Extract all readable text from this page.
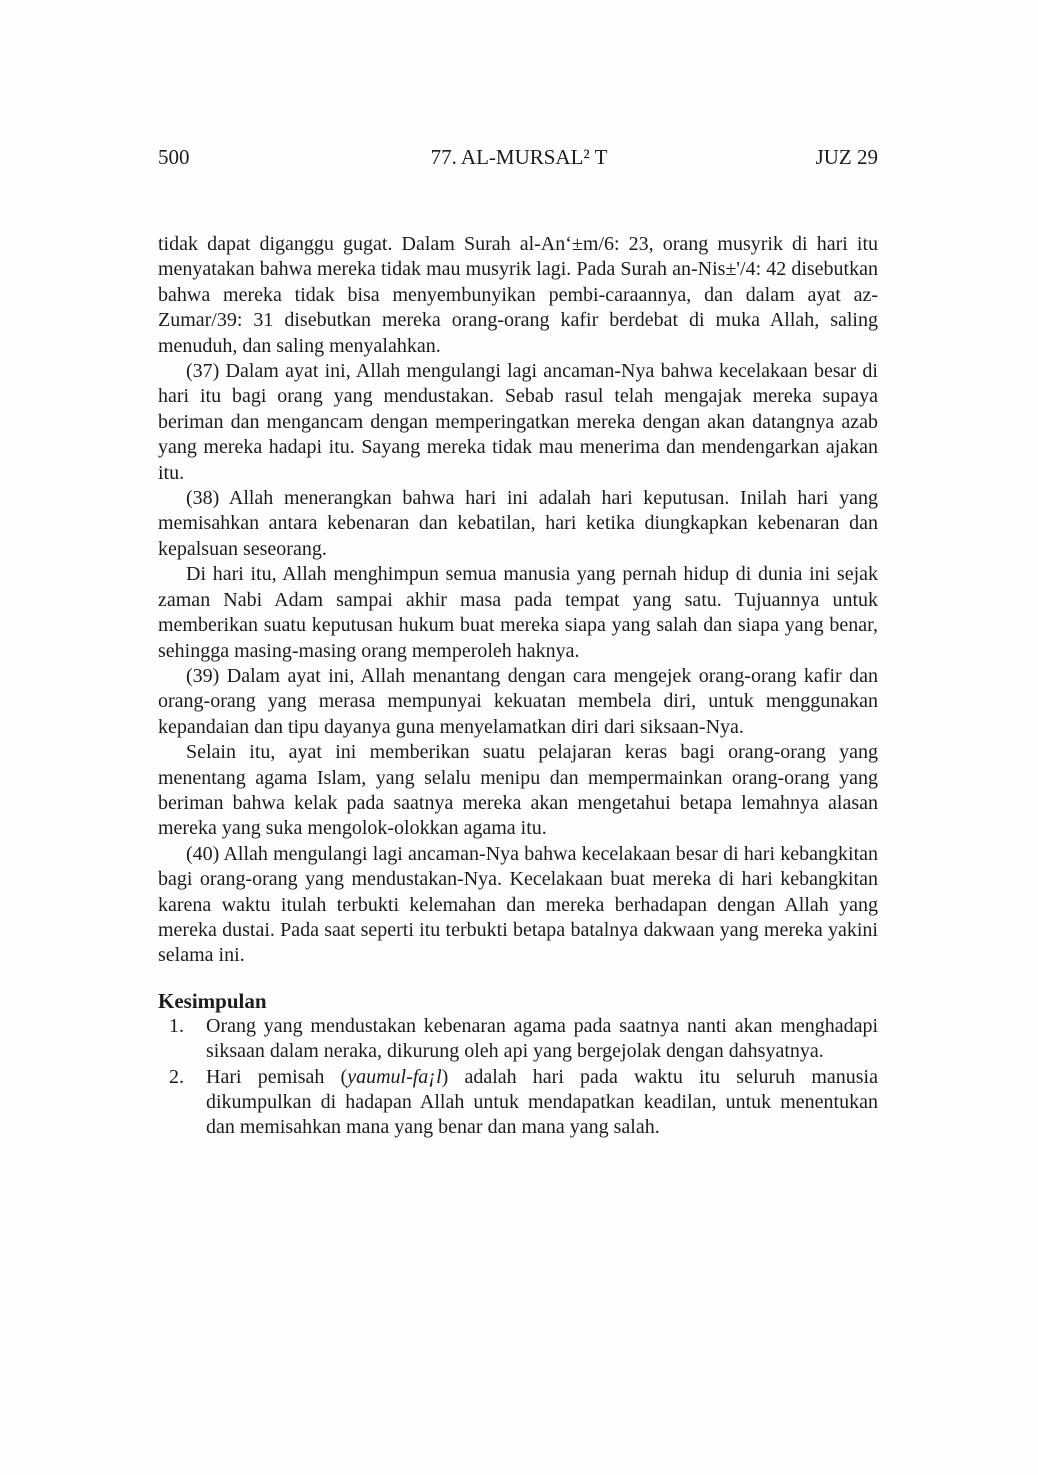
500	77. AL-MURSAL² T	JUZ 29

tidak dapat diganggu gugat. Dalam Surah al-An‘±m/6: 23, orang musyrik di hari itu menyatakan bahwa mereka tidak mau musyrik lagi. Pada Surah an-Nis±'/4: 42 disebutkan bahwa mereka tidak bisa menyembunyikan pembi-caraannya, dan dalam ayat az-Zumar/39: 31 disebutkan mereka orang-orang kafir berdebat di muka Allah, saling menuduh, dan saling menyalahkan.

(37) Dalam ayat ini, Allah mengulangi lagi ancaman-Nya bahwa kecelakaan besar di hari itu bagi orang yang mendustakan. Sebab rasul telah mengajak mereka supaya beriman dan mengancam dengan memperingatkan mereka dengan akan datangnya azab yang mereka hadapi itu. Sayang mereka tidak mau menerima dan mendengarkan ajakan itu.

(38) Allah menerangkan bahwa hari ini adalah hari keputusan. Inilah hari yang memisahkan antara kebenaran dan kebatilan, hari ketika diungkapkan kebenaran dan kepalsuan seseorang.

Di hari itu, Allah menghimpun semua manusia yang pernah hidup di dunia ini sejak zaman Nabi Adam sampai akhir masa pada tempat yang satu. Tujuannya untuk memberikan suatu keputusan hukum buat mereka siapa yang salah dan siapa yang benar, sehingga masing-masing orang memperoleh haknya.

(39) Dalam ayat ini, Allah menantang dengan cara mengejek orang-orang kafir dan orang-orang yang merasa mempunyai kekuatan membela diri, untuk menggunakan kepandaian dan tipu dayanya guna menyelamatkan diri dari siksaan-Nya.

Selain itu, ayat ini memberikan suatu pelajaran keras bagi orang-orang yang menentang agama Islam, yang selalu menipu dan mempermainkan orang-orang yang beriman bahwa kelak pada saatnya mereka akan mengetahui betapa lemahnya alasan mereka yang suka mengolok-olokkan agama itu.

(40) Allah mengulangi lagi ancaman-Nya bahwa kecelakaan besar di hari kebangkitan bagi orang-orang yang mendustakan-Nya. Kecelakaan buat mereka di hari kebangkitan karena waktu itulah terbukti kelemahan dan mereka berhadapan dengan Allah yang mereka dustai. Pada saat seperti itu terbukti betapa batalnya dakwaan yang mereka yakini selama ini.

Kesimpulan
1. Orang yang mendustakan kebenaran agama pada saatnya nanti akan menghadapi siksaan dalam neraka, dikurung oleh api yang bergejolak dengan dahsyatnya.
2. Hari pemisah (yaumul-fa¡l) adalah hari pada waktu itu seluruh manusia dikumpulkan di hadapan Allah untuk mendapatkan keadilan, untuk menentukan dan memisahkan mana yang benar dan mana yang salah.
